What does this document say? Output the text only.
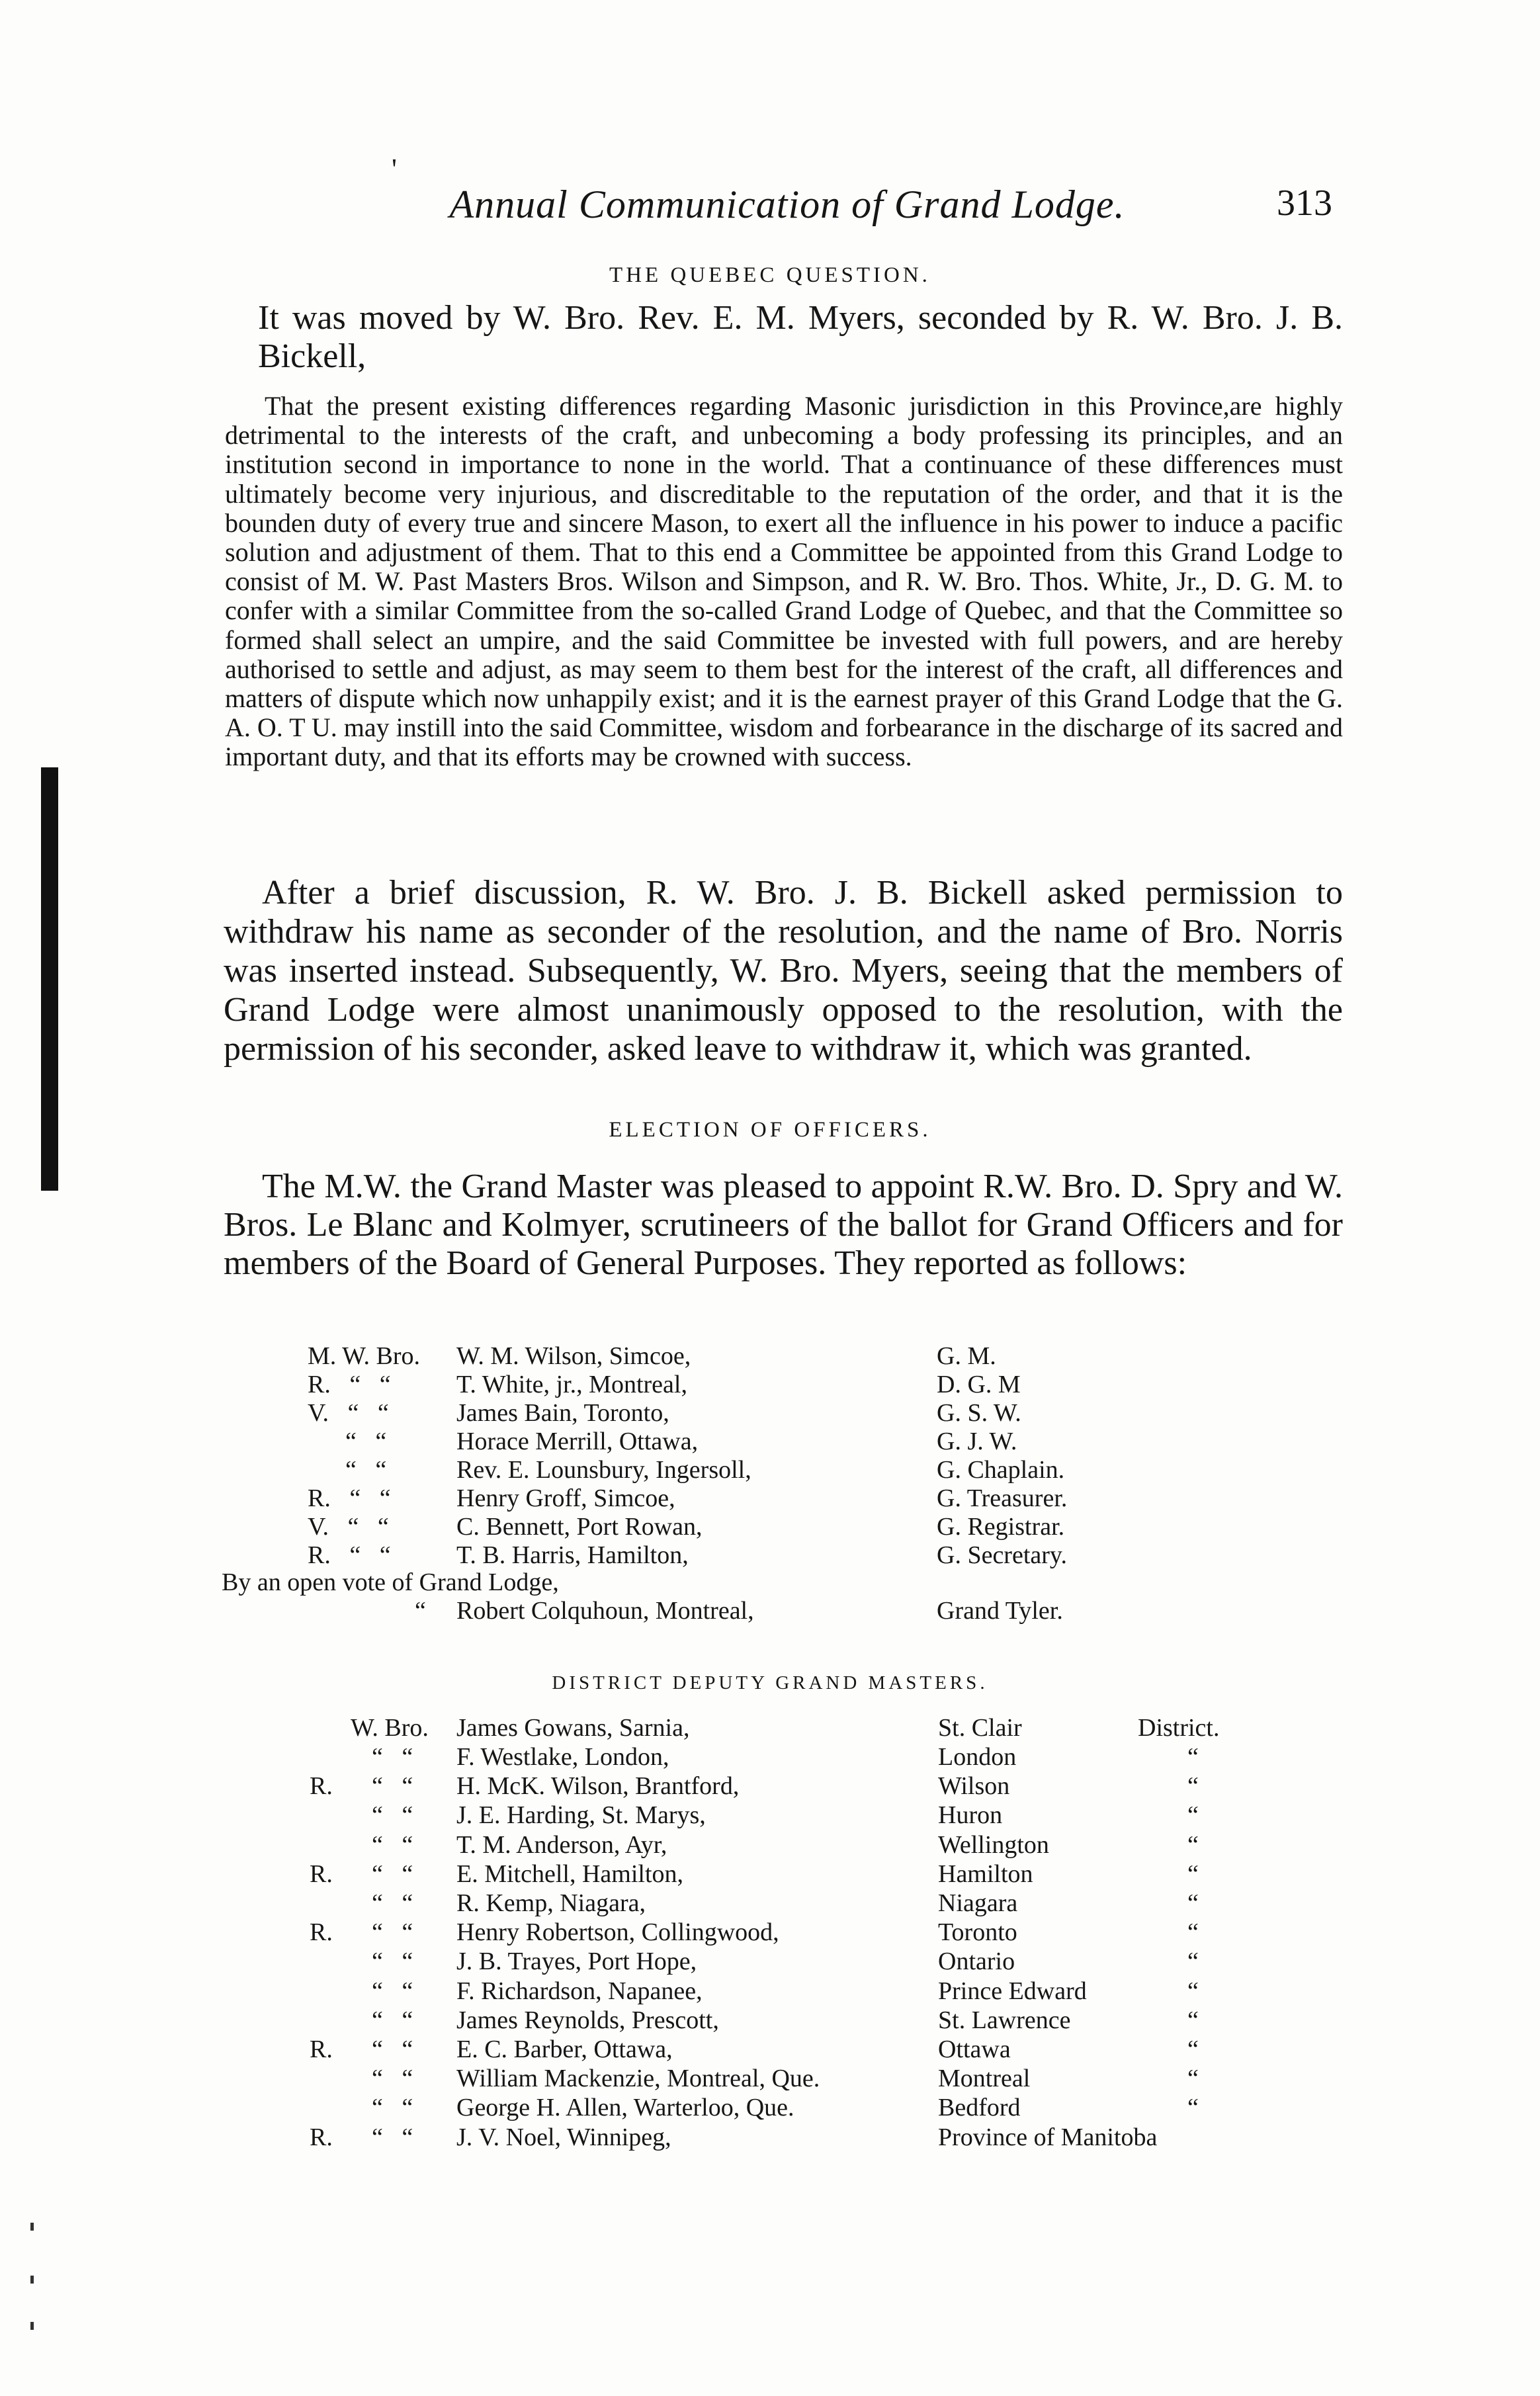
'
Annual Communication of Grand Lodge.	313
THE QUEBEC QUESTION.
It was moved by W. Bro. Rev. E. M. Myers, seconded by R. W. Bro. J. B. Bickell,
That the present existing differences regarding Masonic jurisdiction in this Province,are highly detrimental to the interests of the craft, and unbecoming a body professing its principles, and an institution second in importance to none in the world. That a continuance of these differences must ultimately become very injurious, and discreditable to the reputation of the order, and that it is the bounden duty of every true and sincere Mason, to exert all the influence in his power to induce a pacific solution and adjustment of them. That to this end a Committee be appointed from this Grand Lodge to consist of M. W. Past Masters Bros. Wilson and Simpson, and R. W. Bro. Thos. White, Jr., D. G. M. to confer with a similar Committee from the so-called Grand Lodge of Quebec, and that the Committee so formed shall select an umpire, and the said Committee be invested with full powers, and are hereby authorised to settle and adjust, as may seem to them best for the interest of the craft, all differences and matters of dispute which now unhappily exist; and it is the earnest prayer of this Grand Lodge that the G. A. O. T U. may instill into the said Committee, wisdom and forbearance in the discharge of its sacred and important duty, and that its efforts may be crowned with success.
After a brief discussion, R. W. Bro. J. B. Bickell asked permission to withdraw his name as seconder of the resolution, and the name of Bro. Norris was inserted instead. Subsequently, W. Bro. Myers, seeing that the members of Grand Lodge were almost unanimously opposed to the resolution, with the permission of his seconder, asked leave to withdraw it, which was granted.
ELECTION OF OFFICERS.
The M.W. the Grand Master was pleased to appoint R.W. Bro. D. Spry and W. Bros. Le Blanc and Kolmyer, scrutineers of the ballot for Grand Officers and for members of the Board of General Purposes. They reported as follows:
M. W. Bro. W. M. Wilson, Simcoe,	G. M.
R.   “   “	T. White, jr., Montreal,	D. G. M
V.   “   “	James Bain, Toronto,	G. S. W.
“   “	Horace Merrill, Ottawa,	G. J. W.
“   “	Rev. E. Lounsbury, Ingersoll,	G. Chaplain.
R.   “   “	Henry Groff, Simcoe,	G. Treasurer.
V.   “   “	C. Bennett, Port Rowan,	G. Registrar.
R.   “   “	T. B. Harris, Hamilton,	G. Secretary.
By an open vote of Grand Lodge,
“ Robert Colquhoun, Montreal,	Grand Tyler.
DISTRICT DEPUTY GRAND MASTERS.
W. Bro. James Gowans, Sarnia,	St. Clair	District.
“   “ F. Westlake, London,	London	“
R. “   “ H. McK. Wilson, Brantford,	Wilson	“
“   “ J. E. Harding, St. Marys,	Huron	“
“   “ T. M. Anderson, Ayr,	Wellington	“
R. “   “ E. Mitchell, Hamilton,	Hamilton	“
“   “ R. Kemp, Niagara,	Niagara	“
R. “   “ Henry Robertson, Collingwood,	Toronto	“
“   “ J. B. Trayes, Port Hope,	Ontario	“
“   “ F. Richardson, Napanee,	Prince Edward	“
“   “ James Reynolds, Prescott,	St. Lawrence	“
R. “   “ E. C. Barber, Ottawa,	Ottawa	“
“   “ William Mackenzie, Montreal, Que.	Montreal	“
“   “ George H. Allen, Warterloo, Que.	Bedford	“
R. “   “ J. V. Noel, Winnipeg,	Province of Manitoba
